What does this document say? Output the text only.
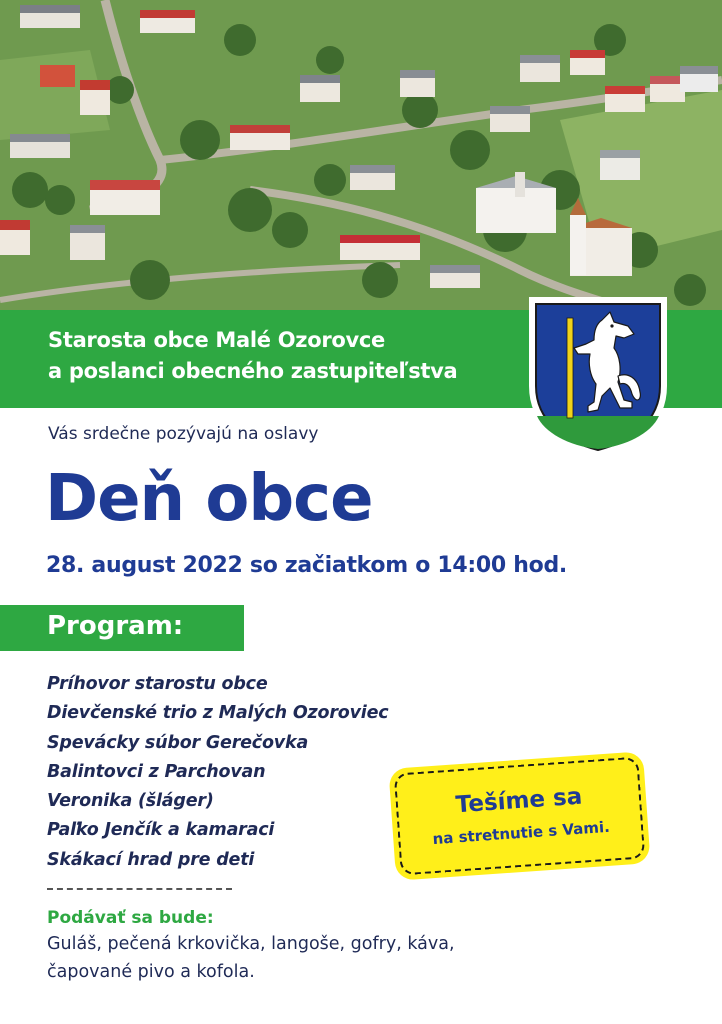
Starosta obce Malé Ozorovce
a poslanci obecného zastupiteľstva
Vás srdečne pozývajú na oslavy
Deň obce
28. august 2022 so začiatkom o 14:00 hod.
Program:
Príhovor starostu obce
Dievčenské trio z Malých Ozoroviec
Spevácky súbor Gerečovka
Balintovci z Parchovan
Veronika (šláger)
Paľko Jenčík a kamaraci
Skákací hrad pre deti
Podávať sa bude:
Guláš, pečená krkovička, langoše, gofry, káva,
čapované pivo a kofola.
Tešíme sa
na stretnutie s Vami.
